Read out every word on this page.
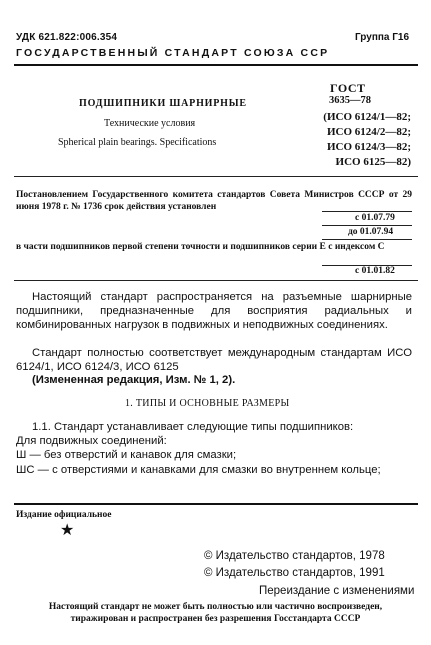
УДК 621.822:006.354	Группа Г16
ГОСУДАРСТВЕННЫЙ СТАНДАРТ СОЮЗА ССР
ПОДШИПНИКИ ШАРНИРНЫЕ
Технические условия
Spherical plain bearings. Specifications
ГОСТ
3635—78
(ИСО 6124/1—82;
ИСО 6124/2—82;
ИСО 6124/3—82;
ИСО 6125—82)
Постановлением Государственного комитета стандартов Совета Министров СССР от 29 июня 1978 г. № 1736 срок действия установлен
с 01.07.79
до 01.07.94
в части подшипников первой степени точности и подшипников серии Е с индексом С
с 01.01.82
Настоящий стандарт распространяется на разъемные шарнирные подшипники, предназначенные для восприятия радиальных и комбинированных нагрузок в подвижных и неподвижных соединениях.
Стандарт полностью соответствует международным стандартам ИСО 6124/1, ИСО 6124/3, ИСО 6125
(Измененная редакция, Изм. № 1, 2).
1. ТИПЫ И ОСНОВНЫЕ РАЗМЕРЫ
1.1. Стандарт устанавливает следующие типы подшипников:
Для подвижных соединений:
Ш — без отверстий и канавок для смазки;
ШС — с отверстиями и канавками для смазки во внутреннем кольце;
Издание официальное
★
© Издательство стандартов, 1978
© Издательство стандартов, 1991
Переиздание с изменениями
Настоящий стандарт не может быть полностью или частично воспроизведен, тиражирован и распространен без разрешения Госстандарта СССР
